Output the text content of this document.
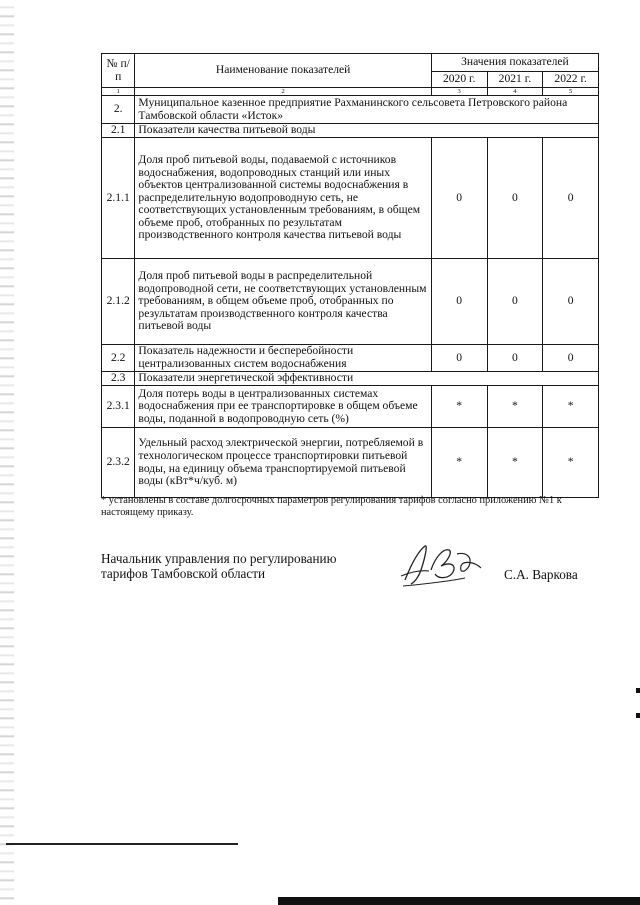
№ п/п	Наименование показателей	Значения показателей		
		2020 г.	2021 г.	2022 г.
1	2	3	4	5
2.	Муниципальное казенное предприятие Рахманинского сельсовета Петровского района Тамбовской области «Исток»			
2.1	Показатели качества питьевой воды			
2.1.1	Доля проб питьевой воды, подаваемой с источников водоснабжения, водопроводных станций или иных объектов централизованной системы водоснабжения в распределительную водопроводную сеть, не соответствующих установленным требованиям, в общем объеме проб, отобранных по результатам производственного контроля качества питьевой воды	0	0	0
2.1.2	Доля проб питьевой воды в распределительной водопроводной сети, не соответствующих установленным требованиям, в общем объеме проб, отобранных по результатам производственного контроля качества питьевой воды	0	0	0
2.2	Показатель надежности и бесперебойности централизованных систем водоснабжения	0	0	0
2.3	Показатели энергетической эффективности			
2.3.1	Доля потерь воды в централизованных системах водоснабжения при ее транспортировке в общем объеме воды, поданной в водопроводную сеть (%)	*	*	*
2.3.2	Удельный расход электрической энергии, потребляемой в технологическом процессе транспортировки питьевой воды, на единицу объема транспортируемой питьевой воды (кВт*ч/куб. м)	*	*	*
* установлены в составе долгосрочных параметров регулирования тарифов согласно приложению №1 к настоящему приказу.
Начальник управления по регулированию
тарифов Тамбовской области	С.А. Варкова
